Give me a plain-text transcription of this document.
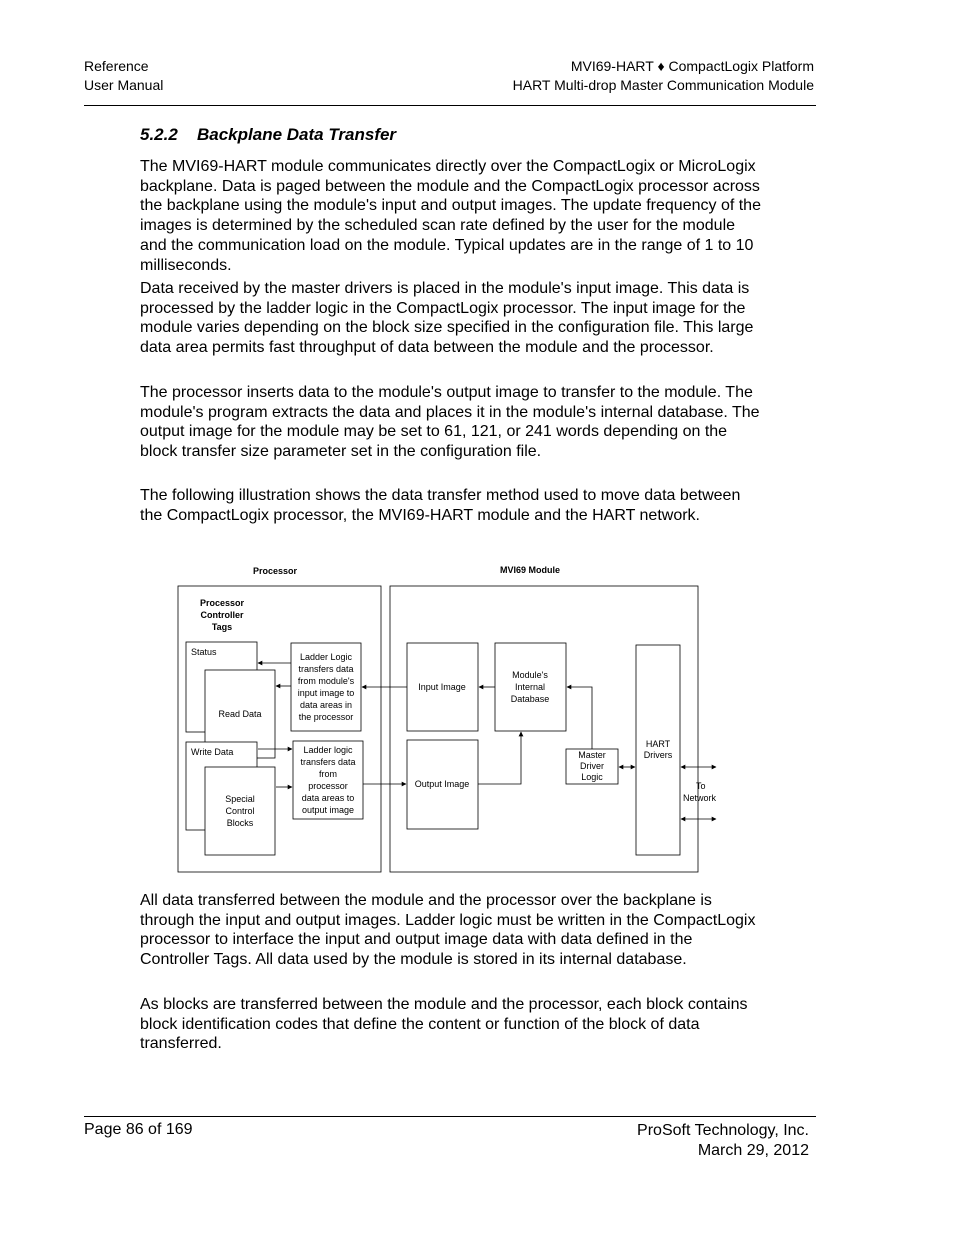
Reference
User Manual
MVI69-HART ♦ CompactLogix Platform
HART Multi-drop Master Communication Module
5.2.2 Backplane Data Transfer

The MVI69-HART module communicates directly over the CompactLogix or MicroLogix backplane. Data is paged between the module and the CompactLogix processor across the backplane using the module's input and output images. The update frequency of the images is determined by the scheduled scan rate defined by the user for the module and the communication load on the module. Typical updates are in the range of 1 to 10 milliseconds.

Data received by the master drivers is placed in the module's input image. This data is processed by the ladder logic in the CompactLogix processor. The input image for the module varies depending on the block size specified in the configuration file. This large data area permits fast throughput of data between the module and the processor.

The processor inserts data to the module's output image to transfer to the module. The module's program extracts the data and places it in the module's internal database. The output image for the module may be set to 61, 121, or 241 words depending on the block transfer size parameter set in the configuration file.

The following illustration shows the data transfer method used to move data between the CompactLogix processor, the MVI69-HART module and the HART network.

Processor	MVI69 Module
Processor
Controller
Tags
Status
Read Data
Write Data
Special
Control
Blocks
Ladder Logic
transfers data
from module's
input image to
data areas in
the processor
Ladder logic
transfers data
from
processor
data areas to
output image
Input Image
Output Image
Module's
Internal
Database
Master
Driver
Logic
HART
Drivers
To
Network

All data transferred between the module and the processor over the backplane is through the input and output images. Ladder logic must be written in the CompactLogix processor to interface the input and output image data with data defined in the Controller Tags. All data used by the module is stored in its internal database.

As blocks are transferred between the module and the processor, each block contains block identification codes that define the content or function of the block of data transferred.

Page 86 of 169	ProSoft Technology, Inc.
March 29, 2012
